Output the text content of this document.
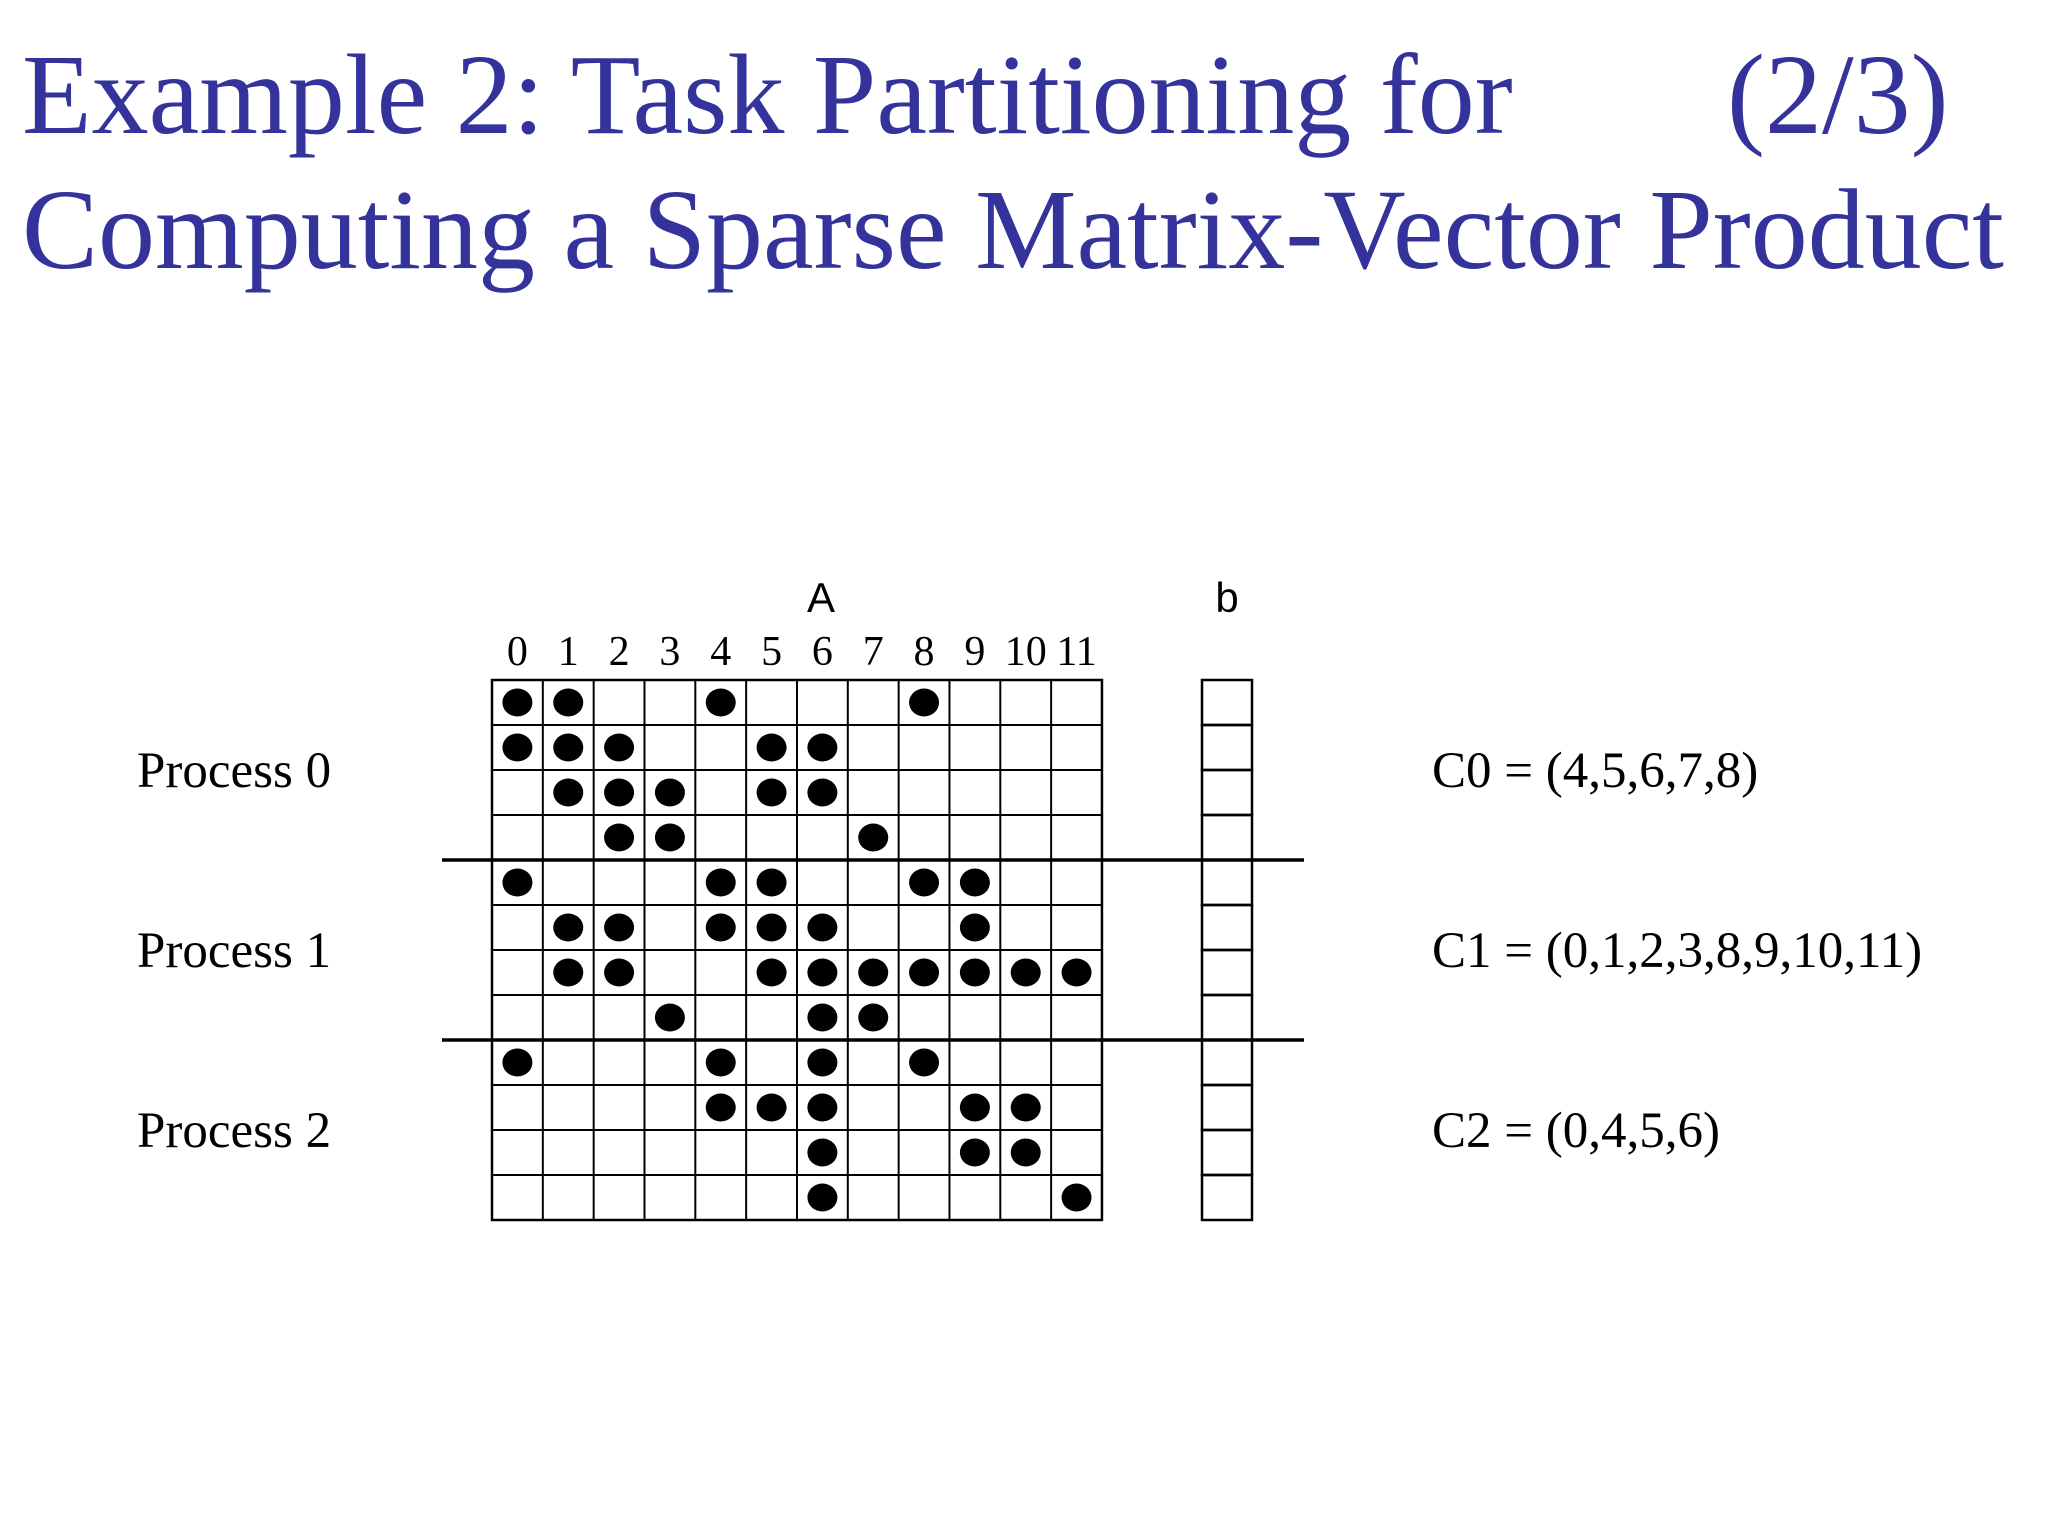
Example 2: Task Partitioning for (2/3)
Computing a Sparse Matrix-Vector Product
A	b
0 1 2 3 4 5 6 7 8 9 10 11
Process 0
Process 1
Process 2
C0 = (4,5,6,7,8)
C1 = (0,1,2,3,8,9,10,11)
C2 = (0,4,5,6)
